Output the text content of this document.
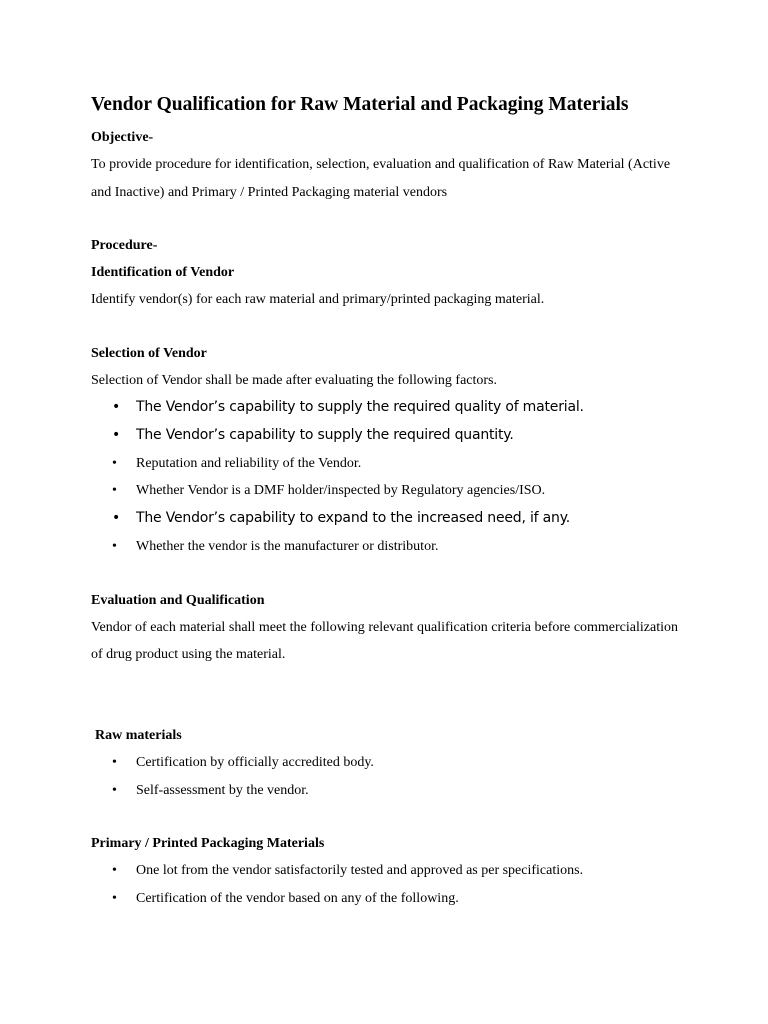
Vendor Qualification for Raw Material and Packaging Materials

Objective-

To provide procedure for identification, selection, evaluation and qualification of Raw Material (Active and Inactive) and Primary / Printed Packaging material vendors

Procedure-

Identification of Vendor

Identify vendor(s) for each raw material and primary/printed packaging material.

Selection of Vendor

Selection of Vendor shall be made after evaluating the following factors.

• The Vendor’s capability to supply the required quality of material.
• The Vendor’s capability to supply the required quantity.
• Reputation and reliability of the Vendor.
• Whether Vendor is a DMF holder/inspected by Regulatory agencies/ISO.
• The Vendor’s capability to expand to the increased need, if any.
• Whether the vendor is the manufacturer or distributor.

Evaluation and Qualification

Vendor of each material shall meet the following relevant qualification criteria before commercialization of drug product using the material.

Raw materials

• Certification by officially accredited body.
• Self-assessment by the vendor.

Primary / Printed Packaging Materials

• One lot from the vendor satisfactorily tested and approved as per specifications.
• Certification of the vendor based on any of the following.
